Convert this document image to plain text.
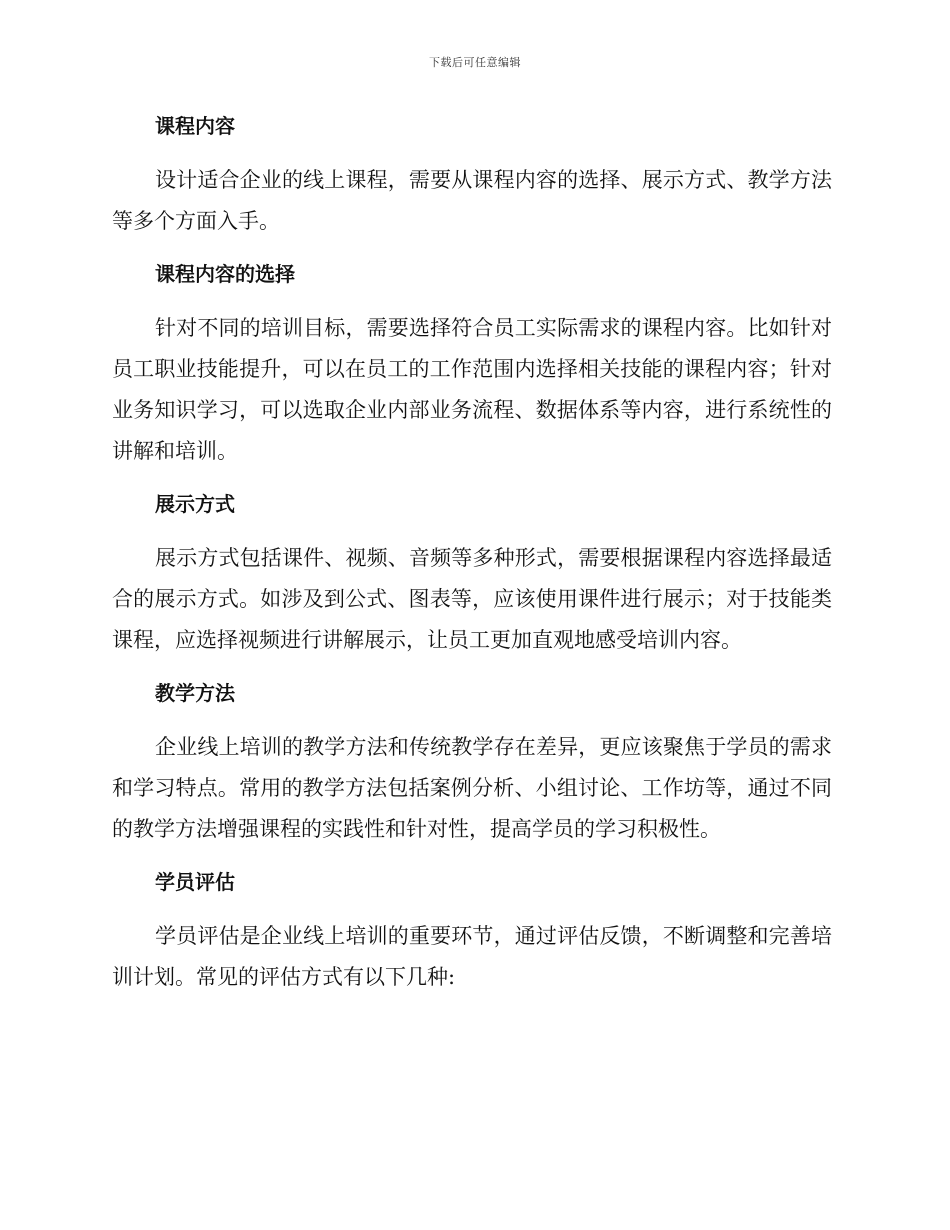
下载后可任意编辑
课程内容

设计适合企业的线上课程，需要从课程内容的选择、展示方式、教学方法等多个方面入手。

课程内容的选择

针对不同的培训目标，需要选择符合员工实际需求的课程内容。比如针对员工职业技能提升，可以在员工的工作范围内选择相关技能的课程内容；针对业务知识学习，可以选取企业内部业务流程、数据体系等内容，进行系统性的讲解和培训。

展示方式

展示方式包括课件、视频、音频等多种形式，需要根据课程内容选择最适合的展示方式。如涉及到公式、图表等，应该使用课件进行展示；对于技能类课程，应选择视频进行讲解展示，让员工更加直观地感受培训内容。

教学方法

企业线上培训的教学方法和传统教学存在差异，更应该聚焦于学员的需求和学习特点。常用的教学方法包括案例分析、小组讨论、工作坊等，通过不同的教学方法增强课程的实践性和针对性，提高学员的学习积极性。

学员评估

学员评估是企业线上培训的重要环节，通过评估反馈，不断调整和完善培训计划。常见的评估方式有以下几种:
